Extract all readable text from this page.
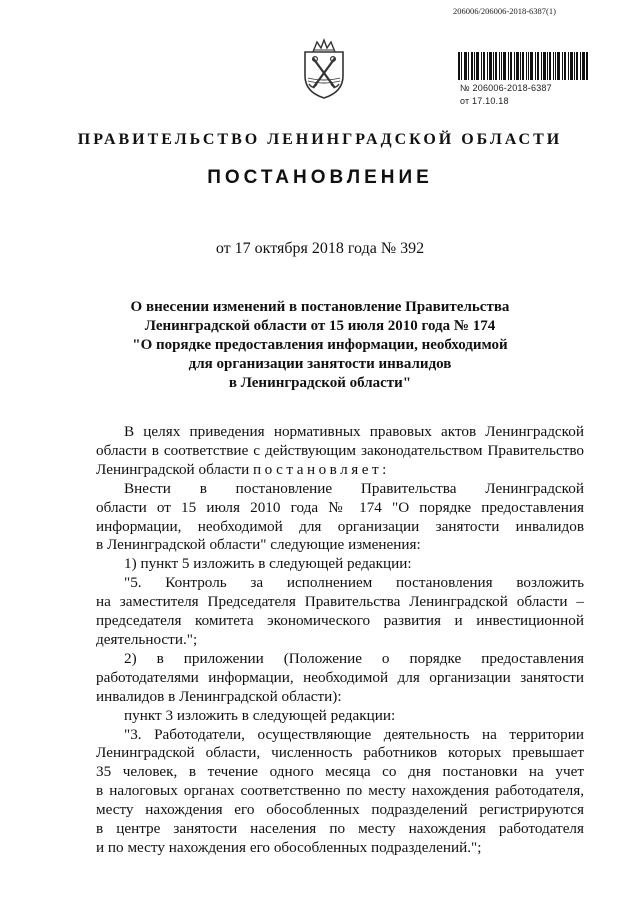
206006/206006-2018-6387(1)
№ 206006-2018-6387
от 17.10.18
ПРАВИТЕЛЬСТВО ЛЕНИНГРАДСКОЙ ОБЛАСТИ
ПОСТАНОВЛЕНИЕ
от 17 октября 2018 года № 392
О внесении изменений в постановление Правительства
Ленинградской области от 15 июля 2010 года № 174
"О порядке предоставления информации, необходимой
для организации занятости инвалидов
в Ленинградской области"
В целях приведения нормативных правовых актов Ленинградской
области в соответствие с действующим законодательством Правительство
Ленинградской области постановляет:
Внести в постановление Правительства Ленинградской
области от 15 июля 2010 года № 174 "О порядке предоставления
информации, необходимой для организации занятости инвалидов
в Ленинградской области" следующие изменения:
1) пункт 5 изложить в следующей редакции:
"5. Контроль за исполнением постановления возложить
на заместителя Председателя Правительства Ленинградской области –
председателя комитета экономического развития и инвестиционной
деятельности.";
2) в приложении (Положение о порядке предоставления
работодателями информации, необходимой для организации занятости
инвалидов в Ленинградской области):
пункт 3 изложить в следующей редакции:
"3. Работодатели, осуществляющие деятельность на территории
Ленинградской области, численность работников которых превышает
35 человек, в течение одного месяца со дня постановки на учет
в налоговых органах соответственно по месту нахождения работодателя,
месту нахождения его обособленных подразделений регистрируются
в центре занятости населения по месту нахождения работодателя
и по месту нахождения его обособленных подразделений.";
